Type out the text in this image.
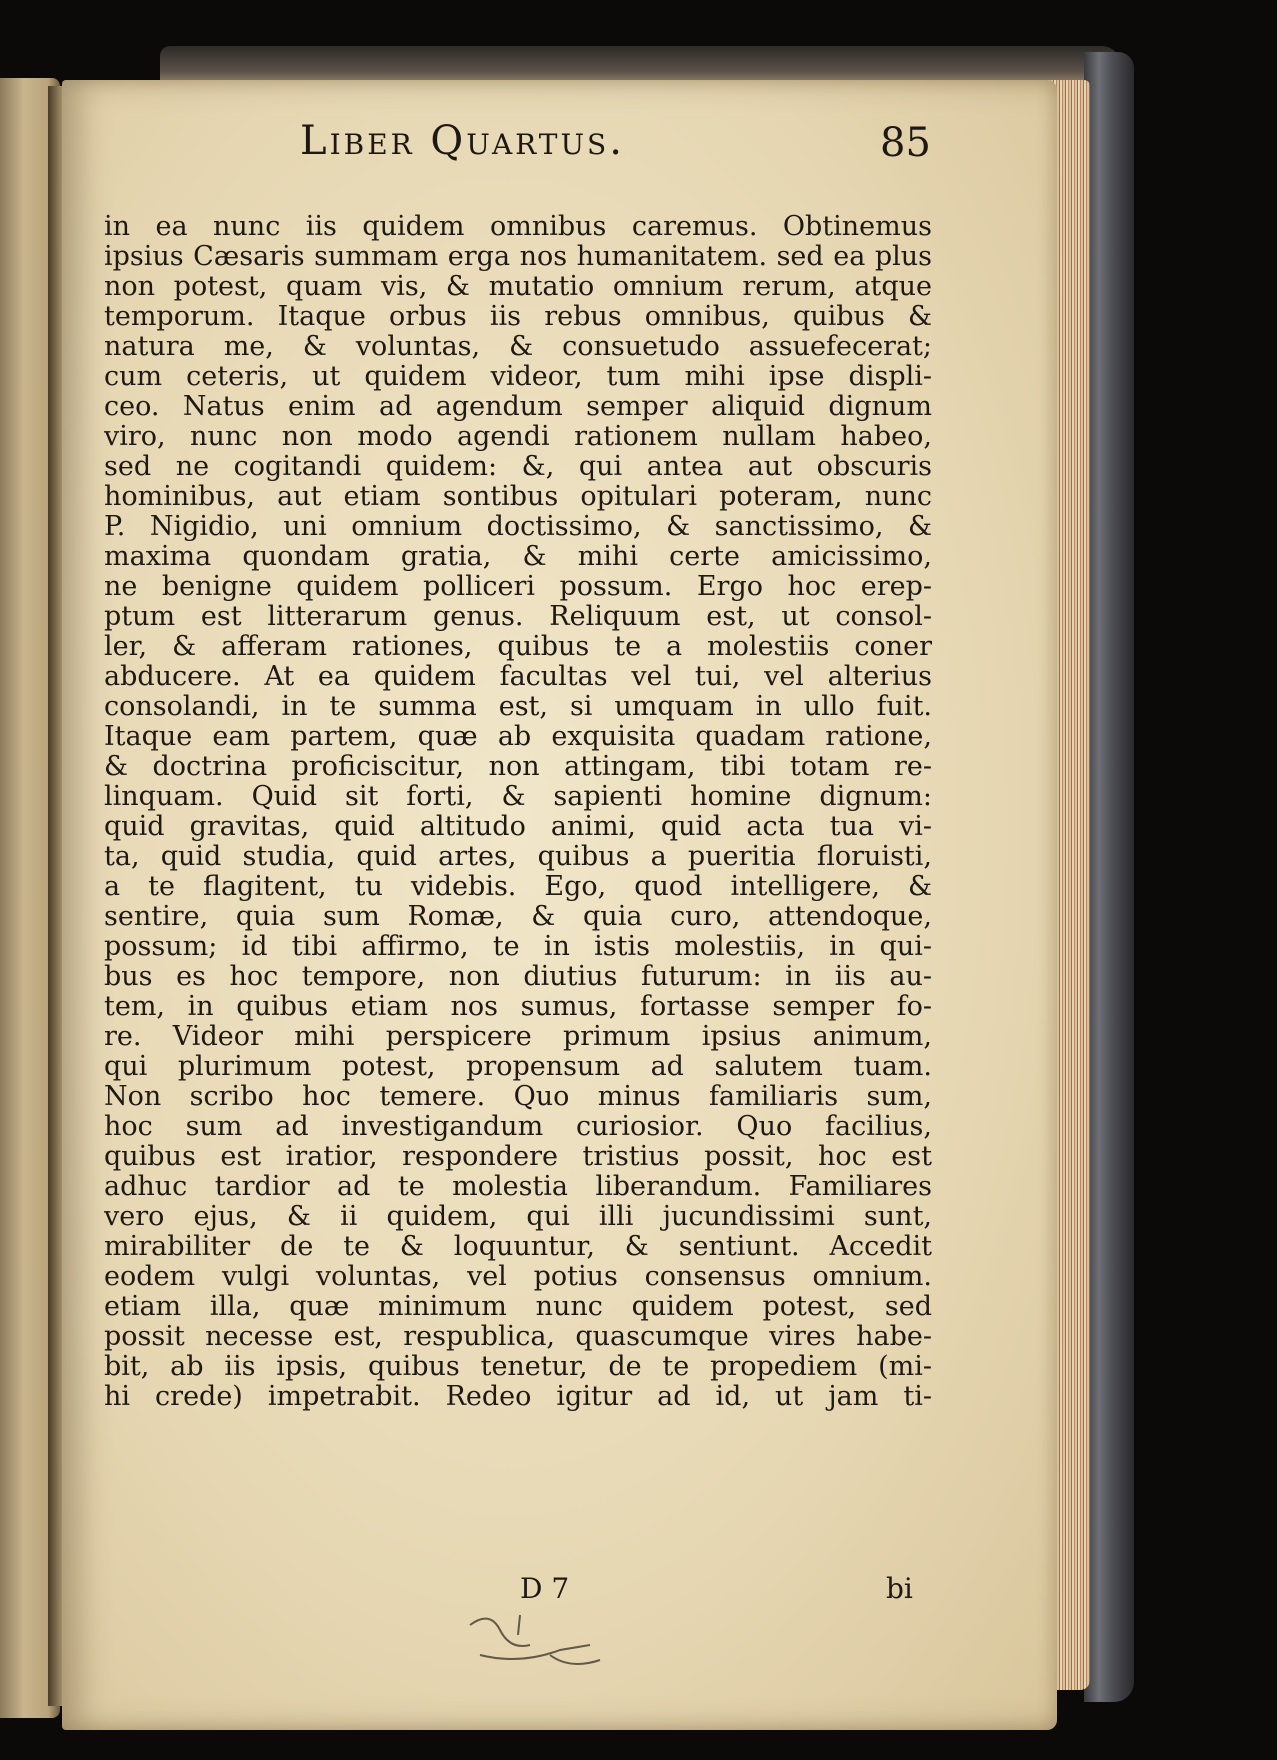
Liber Quartus.	85
in ea nunc iis quidem omnibus caremus. Obtinemus
ipsius Cæsaris summam erga nos humanitatem. sed ea plus
non potest, quam vis, & mutatio omnium rerum, atque
temporum. Itaque orbus iis rebus omnibus, quibus &
natura me, & voluntas, & consuetudo assuefecerat;
cum ceteris, ut quidem videor, tum mihi ipse displi-
ceo. Natus enim ad agendum semper aliquid dignum
viro, nunc non modo agendi rationem nullam habeo,
sed ne cogitandi quidem: &, qui antea aut obscuris
hominibus, aut etiam sontibus opitulari poteram, nunc
P. Nigidio, uni omnium doctissimo, & sanctissimo, &
maxima quondam gratia, & mihi certe amicissimo,
ne benigne quidem polliceri possum. Ergo hoc erep-
ptum est litterarum genus. Reliquum est, ut consol-
ler, & afferam rationes, quibus te a molestiis coner
abducere. At ea quidem facultas vel tui, vel alterius
consolandi, in te summa est, si umquam in ullo fuit.
Itaque eam partem, quæ ab exquisita quadam ratione,
& doctrina proficiscitur, non attingam, tibi totam re-
linquam. Quid sit forti, & sapienti homine dignum:
quid gravitas, quid altitudo animi, quid acta tua vi-
ta, quid studia, quid artes, quibus a pueritia floruisti,
a te flagitent, tu videbis. Ego, quod intelligere, &
sentire, quia sum Romæ, & quia curo, attendoque,
possum; id tibi affirmo, te in istis molestiis, in qui-
bus es hoc tempore, non diutius futurum: in iis au-
tem, in quibus etiam nos sumus, fortasse semper fo-
re. Videor mihi perspicere primum ipsius animum,
qui plurimum potest, propensum ad salutem tuam.
Non scribo hoc temere. Quo minus familiaris sum,
hoc sum ad investigandum curiosior. Quo facilius,
quibus est iratior, respondere tristius possit, hoc est
adhuc tardior ad te molestia liberandum. Familiares
vero ejus, & ii quidem, qui illi jucundissimi sunt,
mirabiliter de te & loquuntur, & sentiunt. Accedit
eodem vulgi voluntas, vel potius consensus omnium.
etiam illa, quæ minimum nunc quidem potest, sed
possit necesse est, respublica, quascumque vires habe-
bit, ab iis ipsis, quibus tenetur, de te propediem (mi-
hi crede) impetrabit. Redeo igitur ad id, ut jam ti-
D 7	bi
